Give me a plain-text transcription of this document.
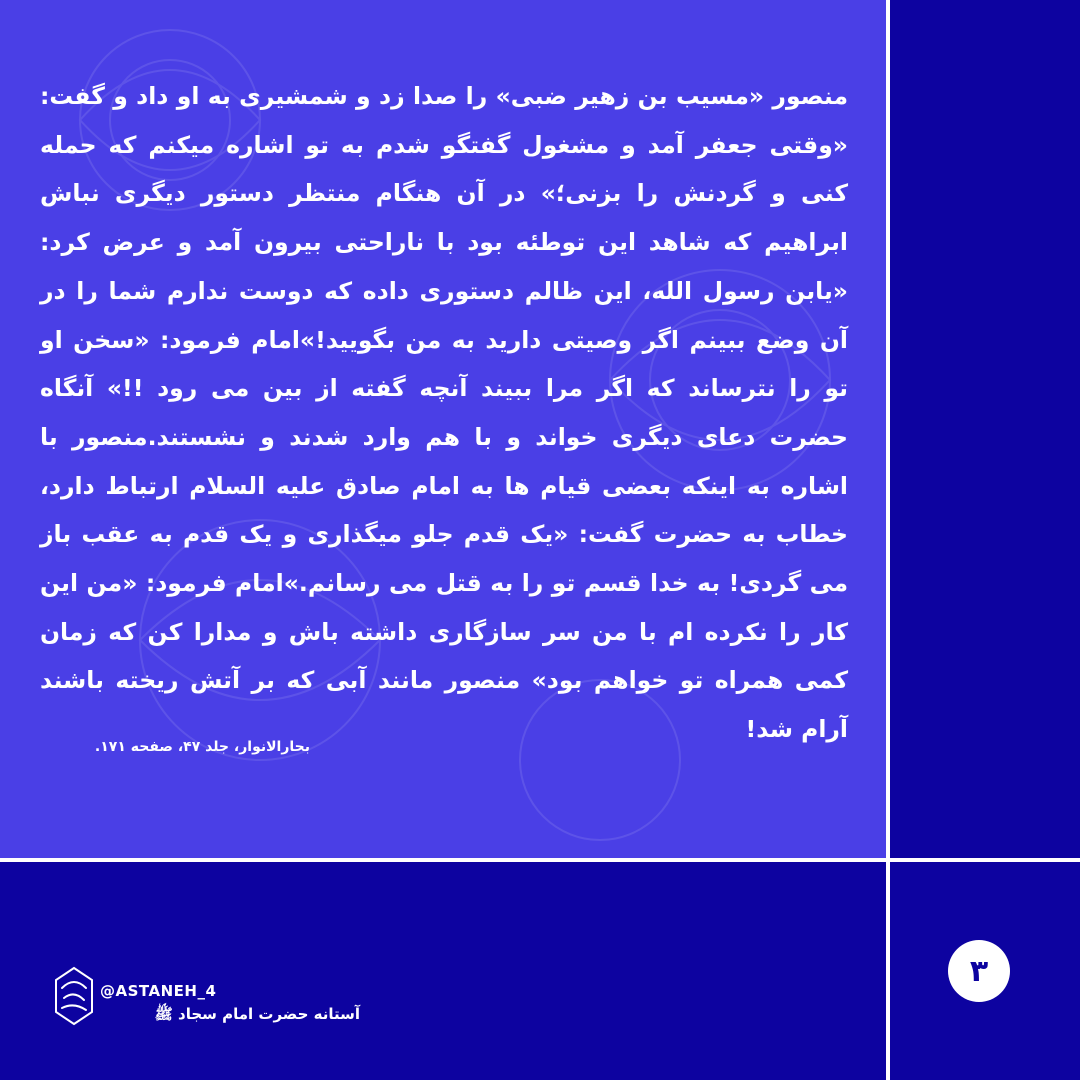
منصور «مسیب بن زهیر ضبی» را صدا زد و شمشیری به او داد و گفت: «وقتی جعفر آمد و مشغول گفتگو شدم به تو اشاره میکنم که حمله کنی و گردنش را بزنی؛» در آن هنگام منتظر دستور دیگری نباش ابراهیم که شاهد این توطئه بود با ناراحتی بیرون آمد و عرض کرد: «یابن رسول الله، این ظالم دستوری داده که دوست ندارم شما را در آن وضع ببینم اگر وصیتی دارید به من بگویید!»امام فرمود: «سخن او تو را نترساند که اگر مرا ببیند آنچه گفته از بین می رود !!» آنگاه حضرت دعای دیگری خواند و با هم وارد شدند و نشستند.منصور با اشاره به اینکه بعضی قیام ها به امام صادق علیه السلام ارتباط دارد، خطاب به حضرت گفت: «یک قدم جلو میگذاری و یک قدم به عقب باز می گردی! به خدا قسم تو را به قتل می رسانم.»امام فرمود: «من این کار را نکرده ام با من سر سازگاری داشته باش و مدارا کن که زمان کمی همراه تو خواهم بود» منصور مانند آبی که بر آتش ریخته باشند آرام شد!

بحارالانوار، جلد ۴۷، صفحه ۱۷۱.
۳
@ASTANEH_4
آستانه حضرت امام سجاد ﷺ
